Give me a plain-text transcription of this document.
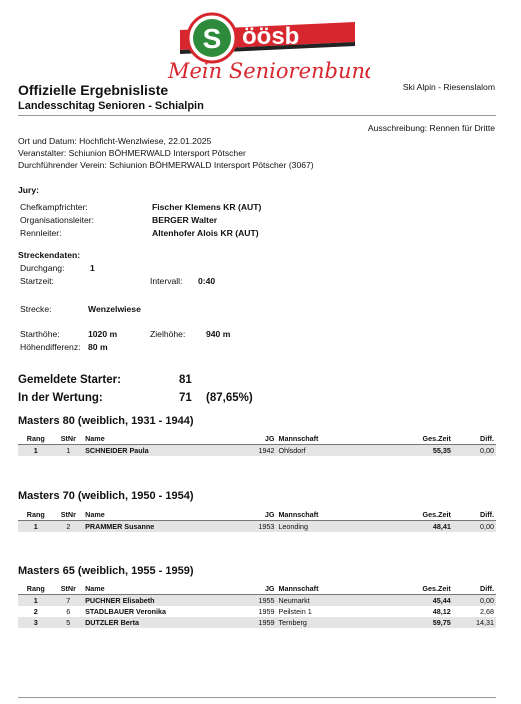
S öösb
Mein Seniorenbund
Offizielle Ergebnisliste
Landesschitag Senioren - Schialpin
Ski Alpin - Riesenslalom
Ausschreibung: Rennen für Dritte
Ort und Datum: Hochficht-Wenzlwiese, 22.01.2025
Veranstalter: Schiunion BÖHMERWALD Intersport Pötscher
Durchführender Verein: Schiunion BÖHMERWALD Intersport Pötscher (3067)
Jury:
Chefkampfrichter:	Fischer Klemens KR (AUT)
Organisationsleiter:	BERGER Walter
Rennleiter:	Altenhofer Alois KR (AUT)
Streckendaten:
Durchgang:	1
Startzeit:	Intervall: 0:40
Strecke:	Wenzelwiese
Starthöhe:	1020 m	Zielhöhe: 940 m
Höhendifferenz: 80 m
Gemeldete Starter:	81
In der Wertung:	71 (87,65%)
Masters 80 (weiblich, 1931 - 1944)
Rang	StNr	Name	JG	Mannschaft	Ges.Zeit	Diff.
1	1	SCHNEIDER Paula	1942	Ohlsdorf	55,35	0,00
Masters 70 (weiblich, 1950 - 1954)
Rang	StNr	Name	JG	Mannschaft	Ges.Zeit	Diff.
1	2	PRAMMER Susanne	1953	Leonding	48,41	0,00
Masters 65 (weiblich, 1955 - 1959)
Rang	StNr	Name	JG	Mannschaft	Ges.Zeit	Diff.
1	7	PUCHNER Elisabeth	1955	Neumarkt	45,44	0,00
2	6	STADLBAUER Veronika	1959	Peilstein 1	48,12	2,68
3	5	DUTZLER Berta	1959	Ternberg	59,75	14,31
